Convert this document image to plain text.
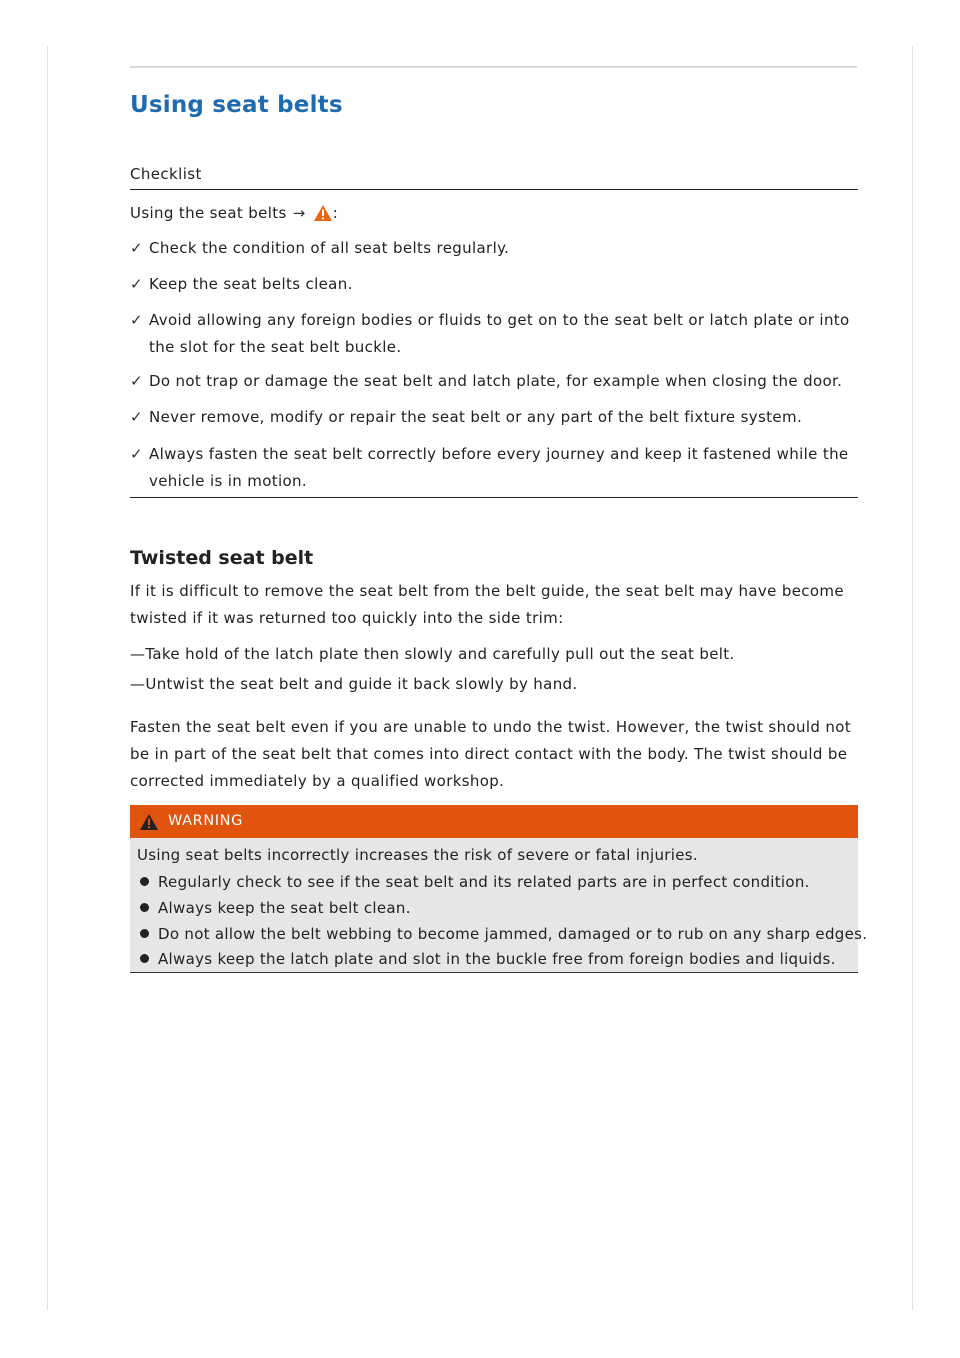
Using seat belts
Checklist
Using the seat belts → :
✓ Check the condition of all seat belts regularly.
✓ Keep the seat belts clean.
✓ Avoid allowing any foreign bodies or fluids to get on to the seat belt or latch plate or into the slot for the seat belt buckle.
✓ Do not trap or damage the seat belt and latch plate, for example when closing the door.
✓ Never remove, modify or repair the seat belt or any part of the belt fixture system.
✓ Always fasten the seat belt correctly before every journey and keep it fastened while the vehicle is in motion.
Twisted seat belt
If it is difficult to remove the seat belt from the belt guide, the seat belt may have become twisted if it was returned too quickly into the side trim:
—Take hold of the latch plate then slowly and carefully pull out the seat belt.
—Untwist the seat belt and guide it back slowly by hand.
Fasten the seat belt even if you are unable to undo the twist. However, the twist should not be in part of the seat belt that comes into direct contact with the body. The twist should be corrected immediately by a qualified workshop.
WARNING
Using seat belts incorrectly increases the risk of severe or fatal injuries.
Regularly check to see if the seat belt and its related parts are in perfect condition.
Always keep the seat belt clean.
Do not allow the belt webbing to become jammed, damaged or to rub on any sharp edges.
Always keep the latch plate and slot in the buckle free from foreign bodies and liquids.
